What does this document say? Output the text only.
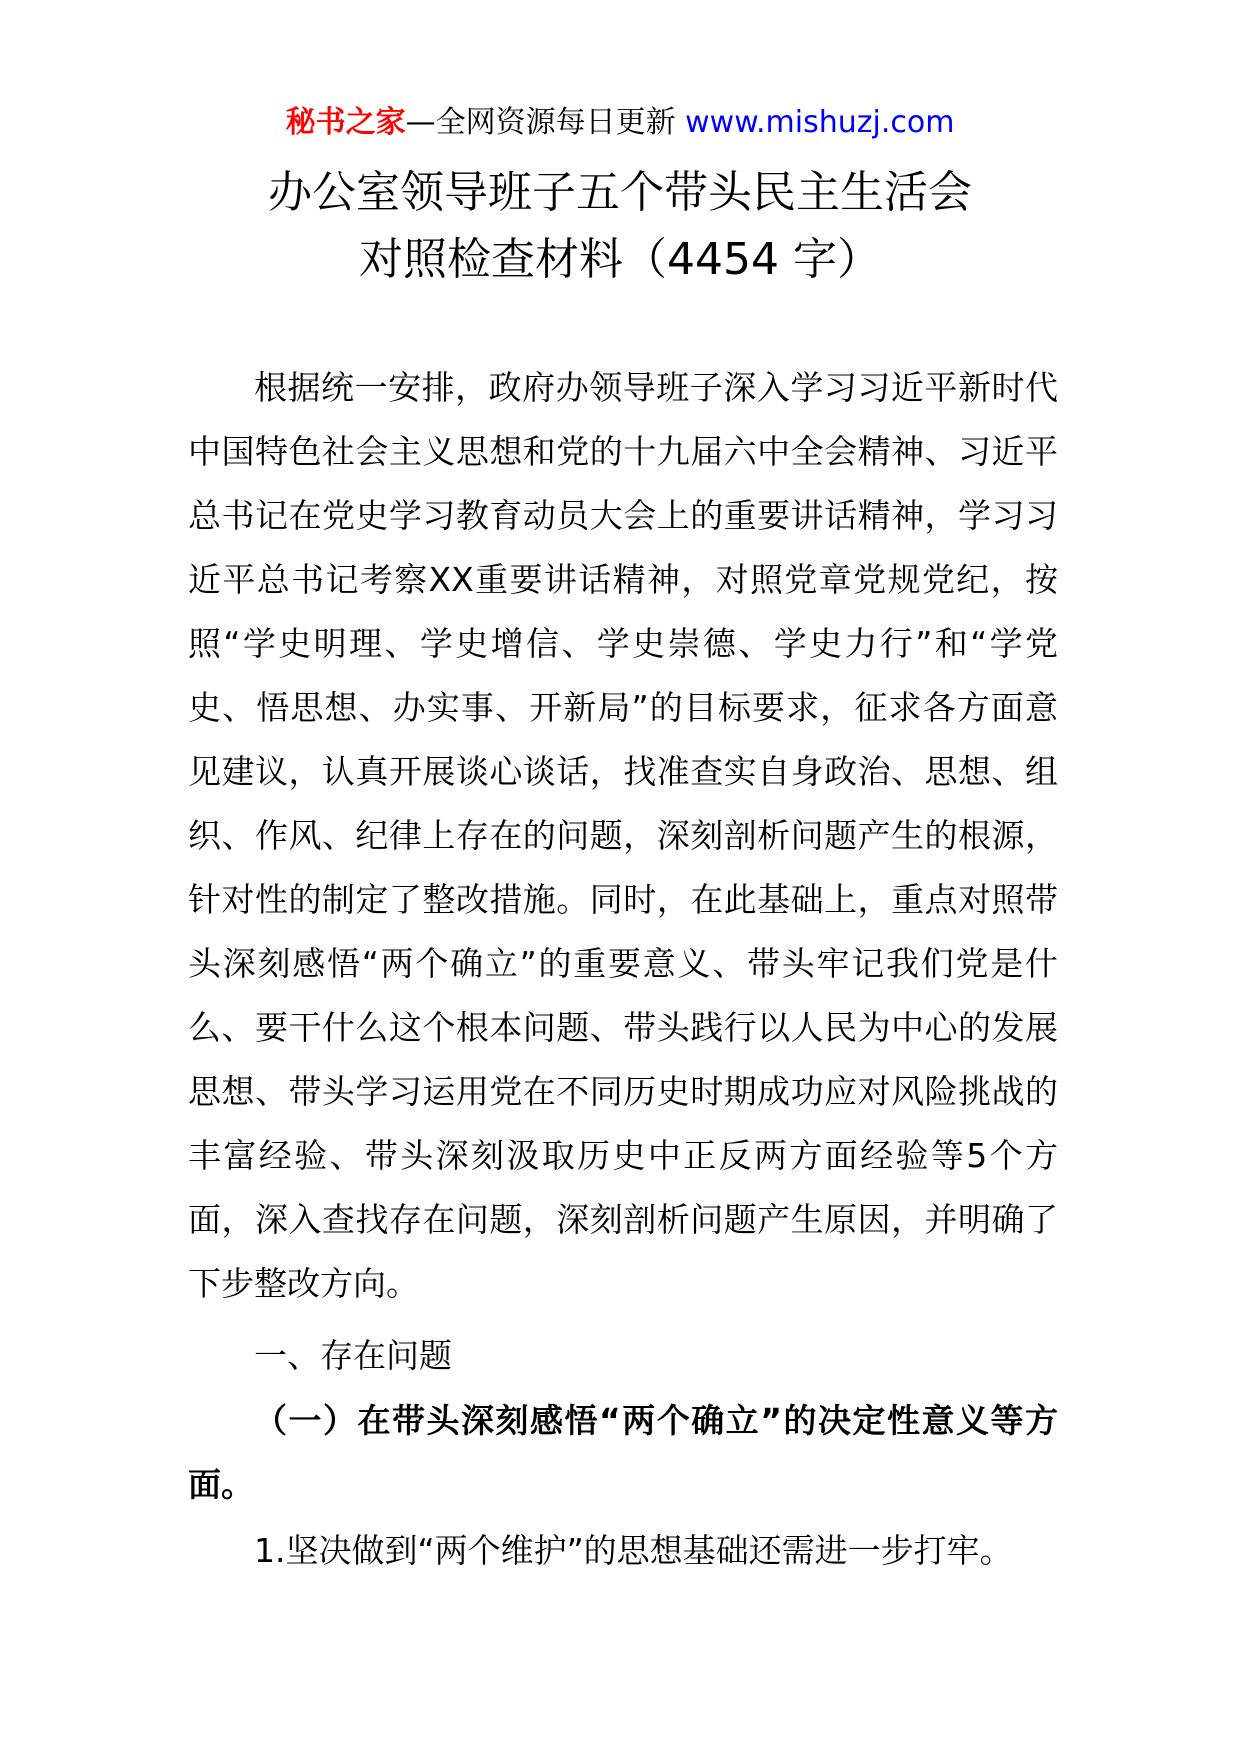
秘书之家—全网资源每日更新 www.mishuzj.com
办公室领导班子五个带头民主生活会
对照检查材料（4454 字）
根据统一安排，政府办领导班子深入学习习近平新时代中国特色社会主义思想和党的十九届六中全会精神、习近平总书记在党史学习教育动员大会上的重要讲话精神，学习习近平总书记考察XX重要讲话精神，对照党章党规党纪，按照“学史明理、学史增信、学史崇德、学史力行”和“学党史、悟思想、办实事、开新局”的目标要求，征求各方面意见建议，认真开展谈心谈话，找准查实自身政治、思想、组织、作风、纪律上存在的问题，深刻剖析问题产生的根源，针对性的制定了整改措施。同时，在此基础上，重点对照带头深刻感悟“两个确立”的重要意义、带头牢记我们党是什么、要干什么这个根本问题、带头践行以人民为中心的发展思想、带头学习运用党在不同历史时期成功应对风险挑战的丰富经验、带头深刻汲取历史中正反两方面经验等5个方面，深入查找存在问题，深刻剖析问题产生原因，并明确了下步整改方向。
一、存在问题
（一）在带头深刻感悟“两个确立”的决定性意义等方面。
1.坚决做到“两个维护”的思想基础还需进一步打牢。
